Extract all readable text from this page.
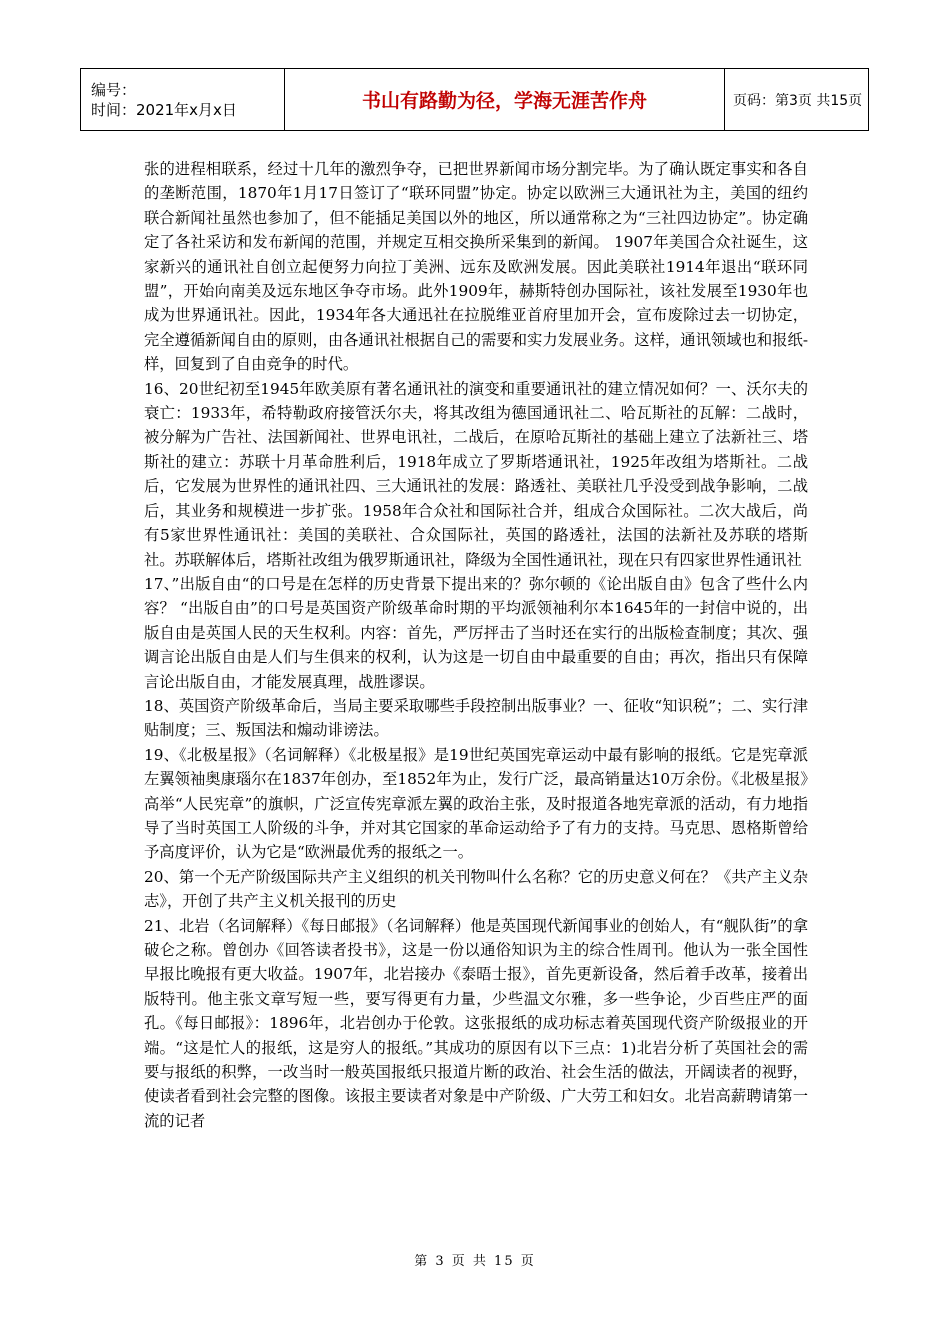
编号：
时间：2021年x月x日	书山有路勤为径，学海无涯苦作舟	页码：第3页 共15页

张的进程相联系，经过十几年的激烈争夺，已把世界新闻市场分割完毕。为了确认既定事实和各自的垄断范围，1870年1月17日签订了“联环同盟”协定。协定以欧洲三大通讯社为主，美国的纽约联合新闻社虽然也参加了，但不能插足美国以外的地区，所以通常称之为“三社四边协定”。协定确定了各社采访和发布新闻的范围，并规定互相交换所采集到的新闻。 1907年美国合众社诞生，这家新兴的通讯社自创立起便努力向拉丁美洲、远东及欧洲发展。因此美联社1914年退出“联环同盟”，开始向南美及远东地区争夺市场。此外1909年，赫斯特创办国际社，该社发展至1930年也成为世界通讯社。因此，1934年各大通迅社在拉脱维亚首府里加开会，宣布废除过去一切协定，完全遵循新闻自由的原则，由各通讯社根据自己的需要和实力发展业务。这样，通讯领域也和报纸-样，回复到了自由竞争的时代。

16、20世纪初至1945年欧美原有著名通讯社的演变和重要通讯社的建立情况如何？一、沃尔夫的衰亡：1933年，希特勒政府接管沃尔夫，将其改组为德国通讯社二、哈瓦斯社的瓦解：二战时，被分解为广告社、法国新闻社、世界电讯社，二战后，在原哈瓦斯社的基础上建立了法新社三、塔斯社的建立：苏联十月革命胜利后，1918年成立了罗斯塔通讯社，1925年改组为塔斯社。二战后，它发展为世界性的通讯社四、三大通讯社的发展：路透社、美联社几乎没受到战争影响，二战后，其业务和规模进一步扩张。1958年合众社和国际社合并，组成合众国际社。二次大战后，尚有5家世界性通讯社：美国的美联社、合众国际社，英国的路透社，法国的法新社及苏联的塔斯社。苏联解体后，塔斯社改组为俄罗斯通讯社，降级为全国性通讯社，现在只有四家世界性通讯社

17、”出版自由“的口号是在怎样的历史背景下提出来的？弥尔顿的《论出版自由》包含了些什么内容？ “出版自由”的口号是英国资产阶级革命时期的平均派领袖利尔本1645年的一封信中说的，出版自由是英国人民的天生权利。内容：首先，严厉抨击了当时还在实行的出版检查制度；其次、强调言论出版自由是人们与生俱来的权利，认为这是一切自由中最重要的自由；再次，指出只有保障言论出版自由，才能发展真理，战胜谬误。

18、英国资产阶级革命后，当局主要采取哪些手段控制出版事业？一、征收“知识税”；二、实行津贴制度；三、叛国法和煽动诽谤法。

19、《北极星报》（名词解释）《北极星报》是19世纪英国宪章运动中最有影响的报纸。它是宪章派左翼领袖奥康瑙尔在1837年创办，至1852年为止，发行广泛，最高销量达10万余份。《北极星报》高举“人民宪章”的旗帜，广泛宣传宪章派左翼的政治主张，及时报道各地宪章派的活动，有力地指导了当时英国工人阶级的斗争，并对其它国家的革命运动给予了有力的支持。马克思、恩格斯曾给予高度评价，认为它是“欧洲最优秀的报纸之一。

20、第一个无产阶级国际共产主义组织的机关刊物叫什么名称？它的历史意义何在？《共产主义杂志》，开创了共产主义机关报刊的历史

21、北岩（名词解释）《每日邮报》（名词解释）他是英国现代新闻事业的创始人，有“舰队街”的拿破仑之称。曾创办《回答读者投书》，这是一份以通俗知识为主的综合性周刊。他认为一张全国性早报比晚报有更大收益。1907年，北岩接办《泰晤士报》，首先更新设备，然后着手改革，接着出版特刊。他主张文章写短一些，要写得更有力量，少些温文尔雅，多一些争论，少百些庄严的面孔。《每日邮报》：1896年，北岩创办于伦敦。这张报纸的成功标志着英国现代资产阶级报业的开端。“这是忙人的报纸，这是穷人的报纸。”其成功的原因有以下三点：1)北岩分析了英国社会的需要与报纸的积弊，一改当时一般英国报纸只报道片断的政治、社会生活的做法，开阔读者的视野，使读者看到社会完整的图像。该报主要读者对象是中产阶级、广大劳工和妇女。北岩高薪聘请第一流的记者

第 3 页 共 15 页
